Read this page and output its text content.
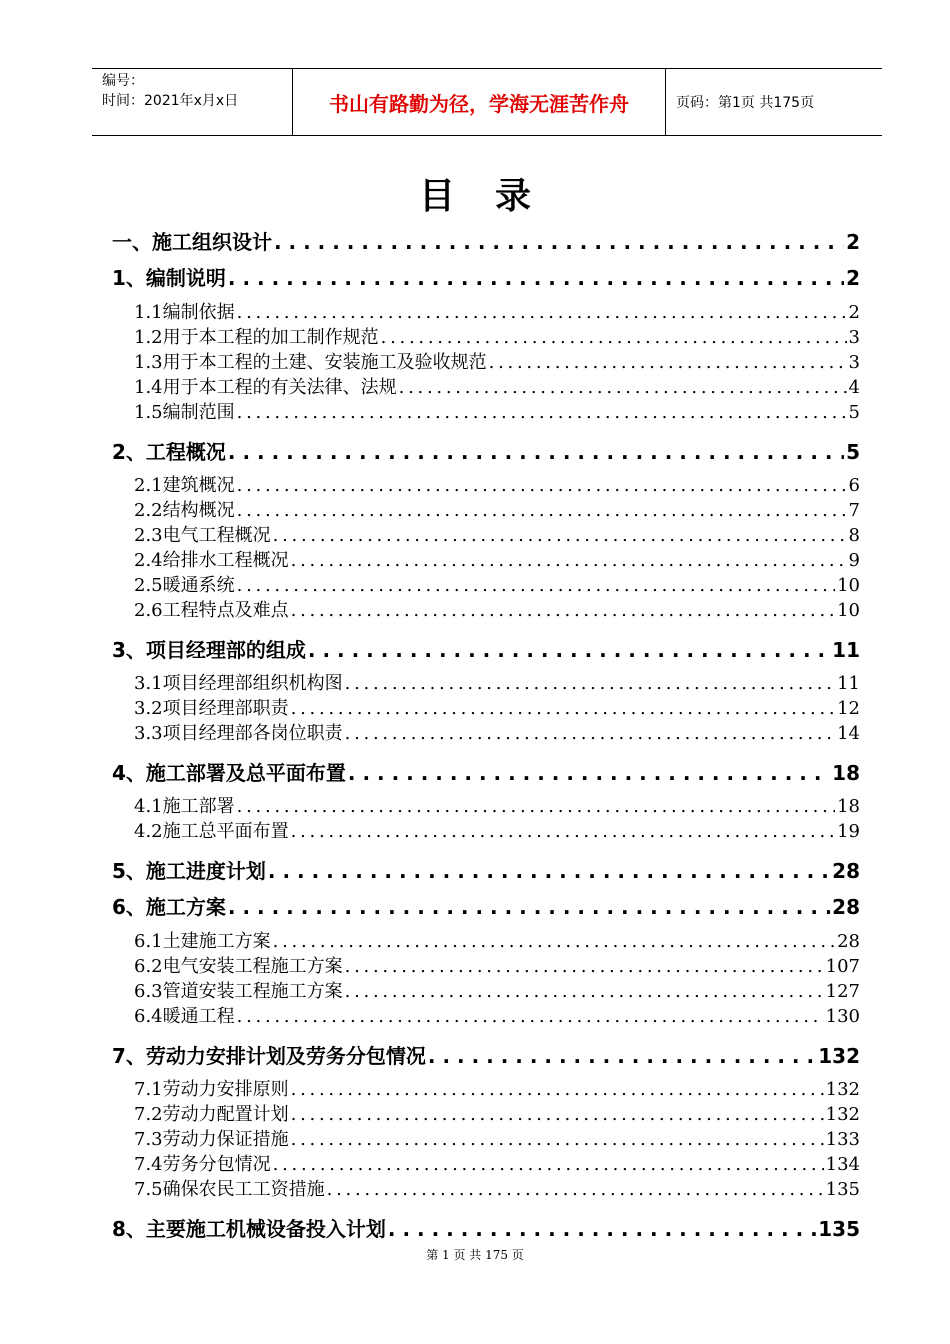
编号：
时间：2021年x月x日	书山有路勤为径，学海无涯苦作舟	页码：第1页 共175页
目录
一、施工组织设计 . . .	2
1、编制说明 . . .	2
1.1编制依据 . . .	2
1.2用于本工程的加工制作规范 . . .	3
1.3用于本工程的土建、安装施工及验收规范 . . .	3
1.4用于本工程的有关法律、法规 . . .	4
1.5编制范围 . . .	5
2、工程概况 . . .	5
2.1建筑概况 . . .	6
2.2结构概况 . . .	7
2.3电气工程概况 . . .	8
2.4给排水工程概况 . . .	9
2.5暖通系统 . . .	10
2.6工程特点及难点 . . .	10
3、项目经理部的组成 . . .	11
3.1项目经理部组织机构图 . . .	11
3.2项目经理部职责 . . .	12
3.3项目经理部各岗位职责 . . .	14
4、施工部署及总平面布置 . . .	18
4.1施工部署 . . .	18
4.2施工总平面布置 . . .	19
5、施工进度计划 . . .	28
6、施工方案 . . .	28
6.1土建施工方案 . . .	28
6.2电气安装工程施工方案 . . .	107
6.3管道安装工程施工方案 . . .	127
6.4暖通工程 . . .	130
7、劳动力安排计划及劳务分包情况 . . .	132
7.1劳动力安排原则 . . .	132
7.2劳动力配置计划 . . .	132
7.3劳动力保证措施 . . .	133
7.4劳务分包情况 . . .	134
7.5确保农民工工资措施 . . .	135
8、主要施工机械设备投入计划 . . .	135
第 1 页 共 175 页
